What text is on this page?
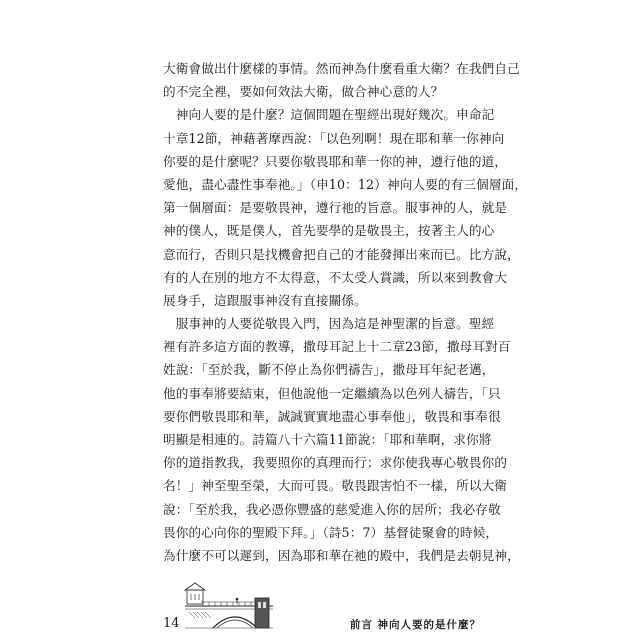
大衛會做出什麼樣的事情。然而神為什麼看重大衛？在我們自己
的不完全裡，要如何效法大衛，做合神心意的人？
　神向人要的是什麼？這個問題在聖經出現好幾次。申命記
十章12節，神藉著摩西說：「以色列啊！現在耶和華一你神向
你要的是什麼呢？只要你敬畏耶和華一你的神，遵行他的道，
愛他，盡心盡性事奉祂。」（申10：12）神向人要的有三個層面，
第一個層面：是要敬畏神，遵行祂的旨意。服事神的人，就是
神的僕人，既是僕人，首先要學的是敬畏主，按著主人的心
意而行，否則只是找機會把自己的才能發揮出來而已。比方說，
有的人在別的地方不太得意，不太受人賞識，所以來到教會大
展身手，這跟服事神沒有直接關係。
　服事神的人要從敬畏入門，因為這是神聖潔的旨意。聖經
裡有許多這方面的教導，撒母耳記上十二章23節，撒母耳對百
姓說：「至於我，斷不停止為你們禱告」，撒母耳年紀老邁，
他的事奉將要結束，但他說他一定繼續為以色列人禱告，「只
要你們敬畏耶和華，誠誠實實地盡心事奉他」，敬畏和事奉很
明顯是相連的。詩篇八十六篇11節說：「耶和華啊，求你將
你的道指教我，我要照你的真理而行；求你使我專心敬畏你的
名！」神至聖至榮，大而可畏。敬畏跟害怕不一樣，所以大衛
說：「至於我，我必憑你豐盛的慈愛進入你的居所；我必存敬
畏你的心向你的聖殿下拜。」（詩5：7）基督徒聚會的時候，
為什麼不可以遲到，因為耶和華在祂的殿中，我們是去朝見神，
14	前言 神向人要的是什麼？
